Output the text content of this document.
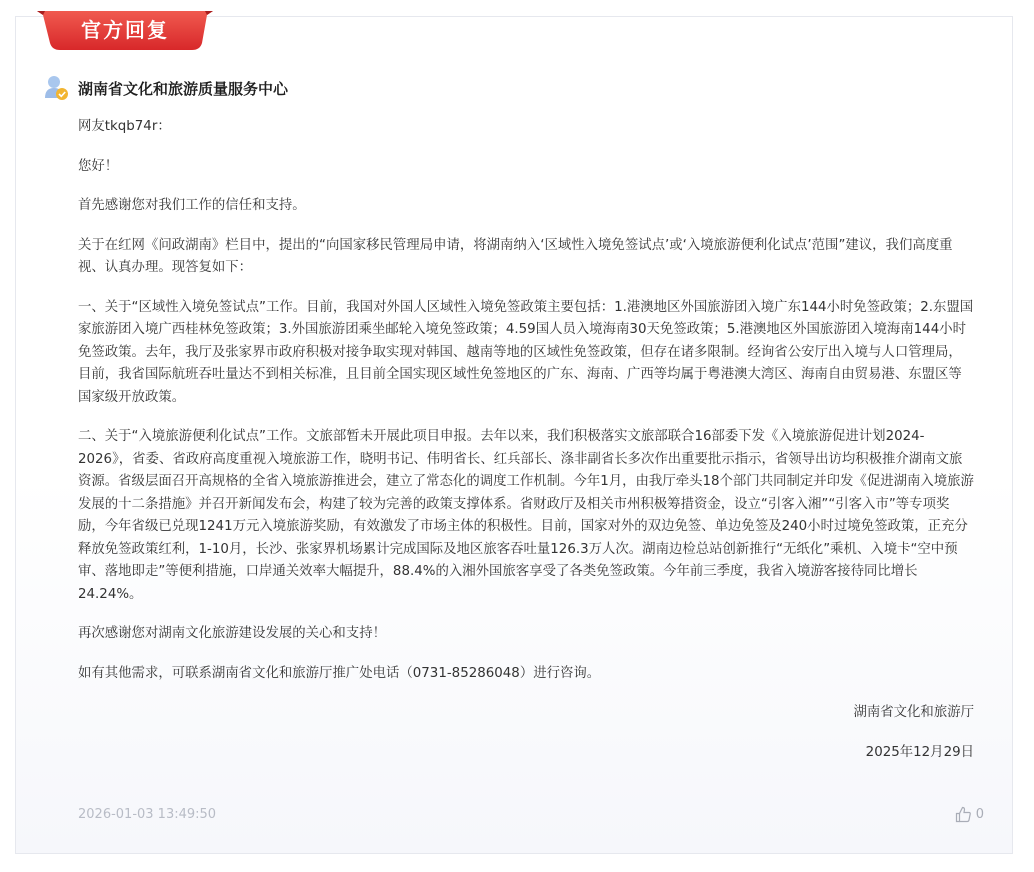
官方回复
湖南省文化和旅游质量服务中心

网友tkqb74r：

您好！

首先感谢您对我们工作的信任和支持。

关于在红网《问政湖南》栏目中，提出的“向国家移民管理局申请，将湖南纳入‘区域性入境免签试点’或‘入境旅游便利化试点’范围”建议，我们高度重视、认真办理。现答复如下：

一、关于“区域性入境免签试点”工作。目前，我国对外国人区域性入境免签政策主要包括：1.港澳地区外国旅游团入境广东144小时免签政策；2.东盟国家旅游团入境广西桂林免签政策；3.外国旅游团乘坐邮轮入境免签政策；4.59国人员入境海南30天免签政策；5.港澳地区外国旅游团入境海南144小时免签政策。去年，我厅及张家界市政府积极对接争取实现对韩国、越南等地的区域性免签政策，但存在诸多限制。经询省公安厅出入境与人口管理局，目前，我省国际航班吞吐量达不到相关标准，且目前全国实现区域性免签地区的广东、海南、广西等均属于粤港澳大湾区、海南自由贸易港、东盟区等国家级开放政策。

二、关于“入境旅游便利化试点”工作。文旅部暂未开展此项目申报。去年以来，我们积极落实文旅部联合16部委下发《入境旅游促进计划2024-2026》，省委、省政府高度重视入境旅游工作，晓明书记、伟明省长、红兵部长、涤非副省长多次作出重要批示指示，省领导出访均积极推介湖南文旅资源。省级层面召开高规格的全省入境旅游推进会，建立了常态化的调度工作机制。今年1月，由我厅牵头18个部门共同制定并印发《促进湖南入境旅游发展的十二条措施》并召开新闻发布会，构建了较为完善的政策支撑体系。省财政厅及相关市州积极筹措资金，设立“引客入湘”“引客入市”等专项奖励，今年省级已兑现1241万元入境旅游奖励，有效激发了市场主体的积极性。目前，国家对外的双边免签、单边免签及240小时过境免签政策，正充分释放免签政策红利，1-10月，长沙、张家界机场累计完成国际及地区旅客吞吐量126.3万人次。湖南边检总站创新推行“无纸化”乘机、入境卡“空中预审、落地即走”等便利措施，口岸通关效率大幅提升，88.4%的入湘外国旅客享受了各类免签政策。今年前三季度，我省入境游客接待同比增长24.24%。

再次感谢您对湖南文化旅游建设发展的关心和支持！

如有其他需求，可联系湖南省文化和旅游厅推广处电话（0731-85286048）进行咨询。

湖南省文化和旅游厅

2025年12月29日

2026-01-03 13:49:50	0
